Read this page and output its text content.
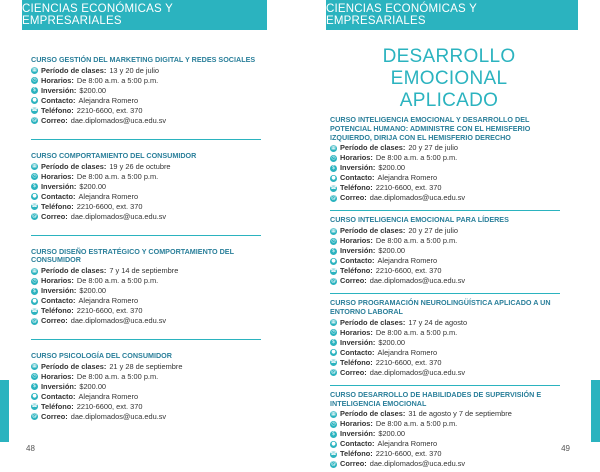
CIENCIAS ECONÓMICAS Y EMPRESARIALES
CURSO GESTIÓN DEL MARKETING DIGITAL Y REDES SOCIALES
▦ Período de clases: 13 y 20 de julio
◷ Horarios: De 8:00 a.m. a 5:00 p.m.
$ Inversión: $200.00
● Contacto: Alejandra Romero
☎ Teléfono: 2210-6600, ext. 370
@ Correo: dae.diplomados@uca.edu.sv
CURSO COMPORTAMIENTO DEL CONSUMIDOR
▦ Período de clases: 19 y 26 de octubre
◷ Horarios: De 8:00 a.m. a 5:00 p.m.
$ Inversión: $200.00
● Contacto: Alejandra Romero
☎ Teléfono: 2210-6600, ext. 370
@ Correo: dae.diplomados@uca.edu.sv
CURSO DISEÑO ESTRATÉGICO Y COMPORTAMIENTO DEL CONSUMIDOR
▦ Período de clases: 7 y 14 de septiembre
◷ Horarios: De 8:00 a.m. a 5:00 p.m.
$ Inversión: $200.00
● Contacto: Alejandra Romero
☎ Teléfono: 2210-6600, ext. 370
@ Correo: dae.diplomados@uca.edu.sv
CURSO PSICOLOGÍA DEL CONSUMIDOR
▦ Período de clases: 21 y 28 de septiembre
◷ Horarios: De 8:00 a.m. a 5:00 p.m.
$ Inversión: $200.00
● Contacto: Alejandra Romero
☎ Teléfono: 2210-6600, ext. 370
@ Correo: dae.diplomados@uca.edu.sv
48
CIENCIAS ECONÓMICAS Y EMPRESARIALES
DESARROLLO EMOCIONAL
APLICADO
CURSO INTELIGENCIA EMOCIONAL Y DESARROLLO DEL POTENCIAL HUMANO: ADMINISTRE CON EL HEMISFERIO IZQUIERDO, DIRIJA CON EL HEMISFERIO DERECHO
▦ Período de clases: 20 y 27 de julio
◷ Horarios: De 8:00 a.m. a 5:00 p.m.
$ Inversión: $200.00
● Contacto: Alejandra Romero
☎ Teléfono: 2210-6600, ext. 370
@ Correo: dae.diplomados@uca.edu.sv
CURSO INTELIGENCIA EMOCIONAL PARA LÍDERES
▦ Período de clases: 20 y 27 de julio
◷ Horarios: De 8:00 a.m. a 5:00 p.m.
$ Inversión: $200.00
● Contacto: Alejandra Romero
☎ Teléfono: 2210-6600, ext. 370
@ Correo: dae.diplomados@uca.edu.sv
CURSO PROGRAMACIÓN NEUROLINGÜÍSTICA APLICADO A UN ENTORNO LABORAL
▦ Período de clases: 17 y 24 de agosto
◷ Horarios: De 8:00 a.m. a 5:00 p.m.
$ Inversión: $200.00
● Contacto: Alejandra Romero
☎ Teléfono: 2210-6600, ext. 370
@ Correo: dae.diplomados@uca.edu.sv
CURSO DESARROLLO DE HABILIDADES DE SUPERVISIÓN E INTELIGENCIA EMOCIONAL
▦ Período de clases: 31 de agosto y 7 de septiembre
◷ Horarios: De 8:00 a.m. a 5:00 p.m.
$ Inversión: $200.00
● Contacto: Alejandra Romero
☎ Teléfono: 2210-6600, ext. 370
@ Correo: dae.diplomados@uca.edu.sv
49
